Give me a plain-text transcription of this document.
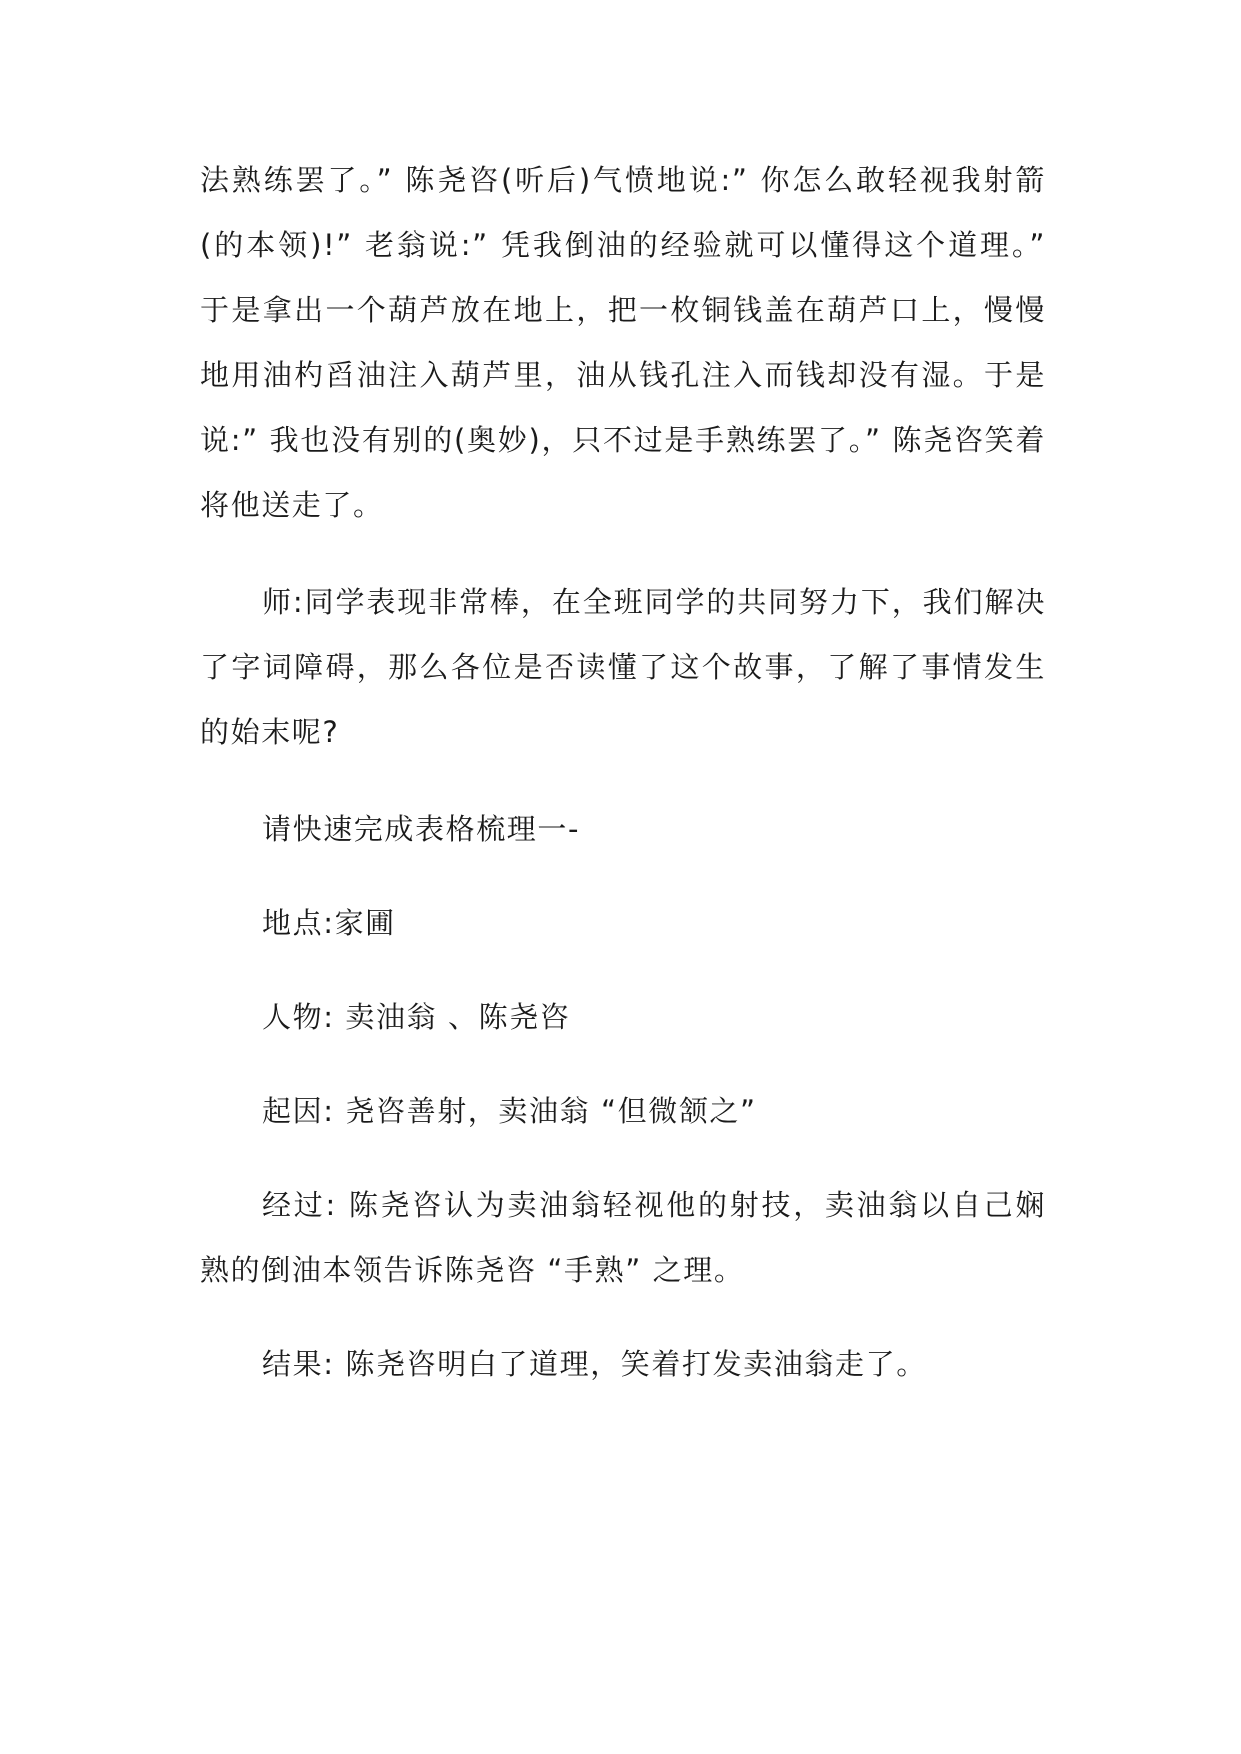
法熟练罢了。” 陈尧咨(听后)气愤地说:” 你怎么敢轻视我射箭(的本领)!” 老翁说:” 凭我倒油的经验就可以懂得这个道理。” 于是拿出一个葫芦放在地上，把一枚铜钱盖在葫芦口上，慢慢地用油杓舀油注入葫芦里，油从钱孔注入而钱却没有湿。于是说:” 我也没有别的(奥妙)，只不过是手熟练罢了。” 陈尧咨笑着将他送走了。

师:同学表现非常棒，在全班同学的共同努力下，我们解决了字词障碍，那么各位是否读懂了这个故事，了解了事情发生的始末呢?

请快速完成表格梳理一-

地点:家圃

人物: 卖油翁 、陈尧咨

起因: 尧咨善射，卖油翁 “但微颔之”

经过: 陈尧咨认为卖油翁轻视他的射技，卖油翁以自己娴熟的倒油本领告诉陈尧咨 “手熟” 之理。

结果: 陈尧咨明白了道理，笑着打发卖油翁走了。
